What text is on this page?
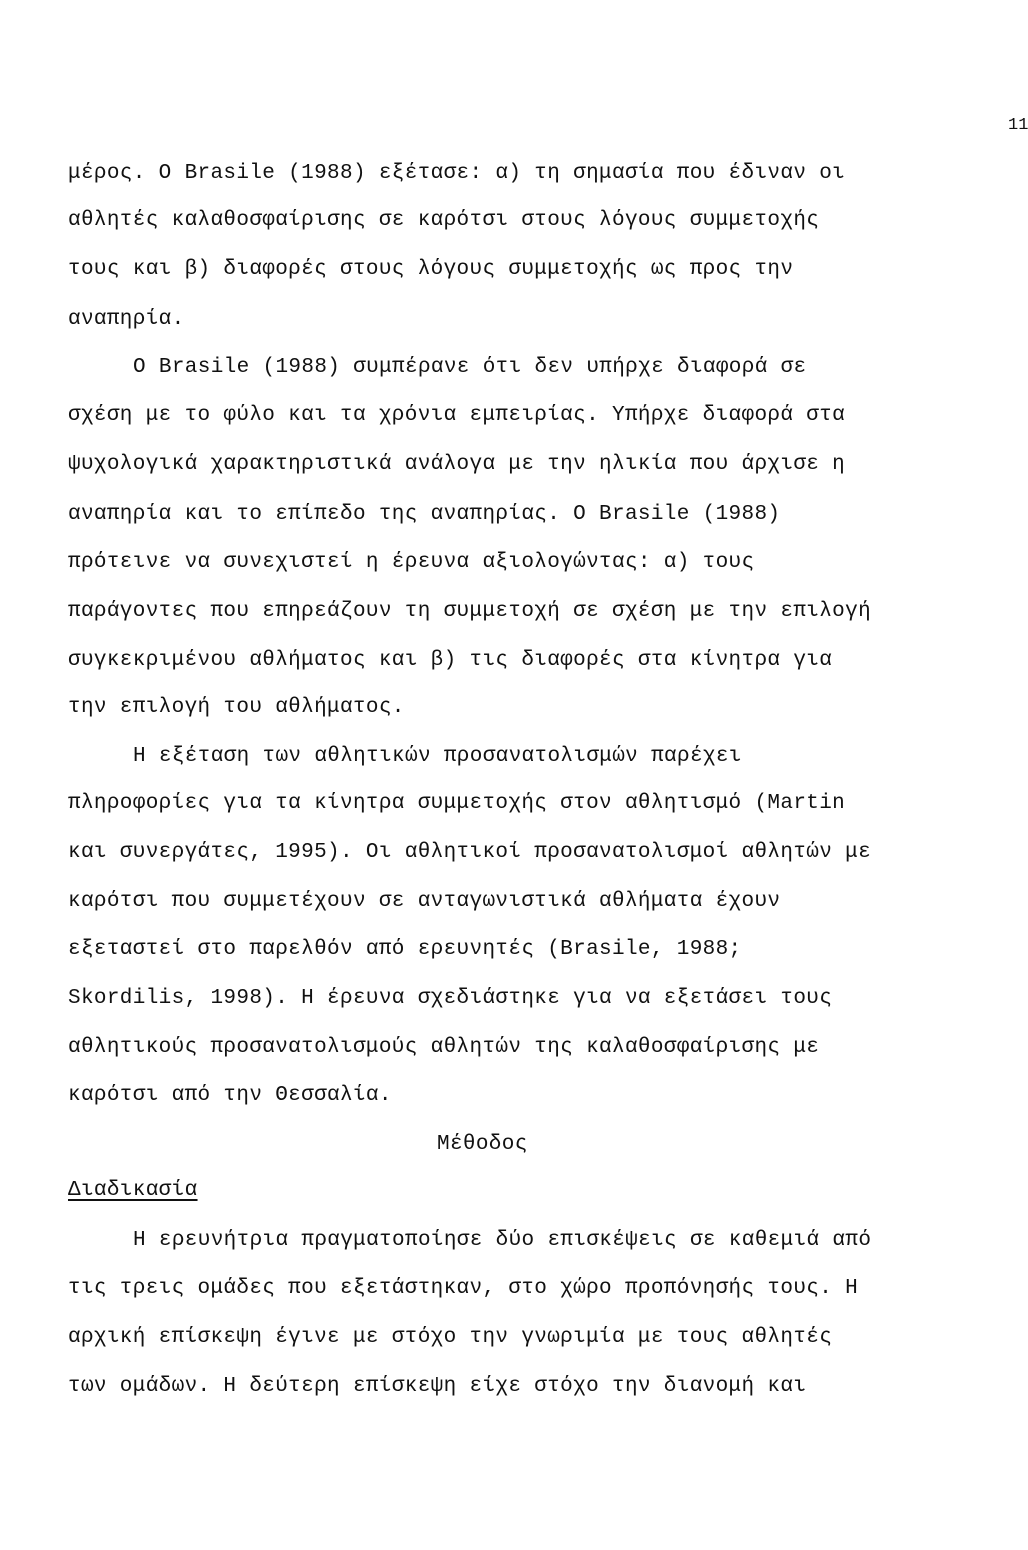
11
μέρος. O Brasile (1988) εξέτασε: α) τη σημασία που έδιναν οι
αθλητές καλαθοσφαίρισης σε καρότσι στους λόγους συμμετοχής
τους και β) διαφορές στους λόγους συμμετοχής ως προς την
αναπηρία.
O Brasile (1988) συμπέρανε ότι δεν υπήρχε διαφορά σε
σχέση με το φύλο και τα χρόνια εμπειρίας. Υπήρχε διαφορά στα
ψυχολογικά χαρακτηριστικά ανάλογα με την ηλικία που άρχισε η
αναπηρία και το επίπεδο της αναπηρίας. O Brasile (1988)
πρότεινε να συνεχιστεί η έρευνα αξιολογώντας: α) τους
παράγοντες που επηρεάζουν τη συμμετοχή σε σχέση με την επιλογή
συγκεκριμένου αθλήματος και β) τις διαφορές στα κίνητρα για
την επιλογή του αθλήματος.
Η εξέταση των αθλητικών προσανατολισμών παρέχει
πληροφορίες για τα κίνητρα συμμετοχής στον αθλητισμό (Martin
και συνεργάτες, 1995). Οι αθλητικοί προσανατολισμοί αθλητών με
καρότσι που συμμετέχουν σε ανταγωνιστικά αθλήματα έχουν
εξεταστεί στο παρελθόν από ερευνητές (Brasile, 1988;
Skordilis, 1998). Η έρευνα σχεδιάστηκε για να εξετάσει τους
αθλητικούς προσανατολισμούς αθλητών της καλαθοσφαίρισης με
καρότσι από την Θεσσαλία.
Μέθοδος
Διαδικασία
Η ερευνήτρια πραγματοποίησε δύο επισκέψεις σε καθεμιά από
τις τρεις ομάδες που εξετάστηκαν, στο χώρο προπόνησής τους. Η
αρχική επίσκεψη έγινε με στόχο την γνωριμία με τους αθλητές
των ομάδων. Η δεύτερη επίσκεψη είχε στόχο την διανομή και
